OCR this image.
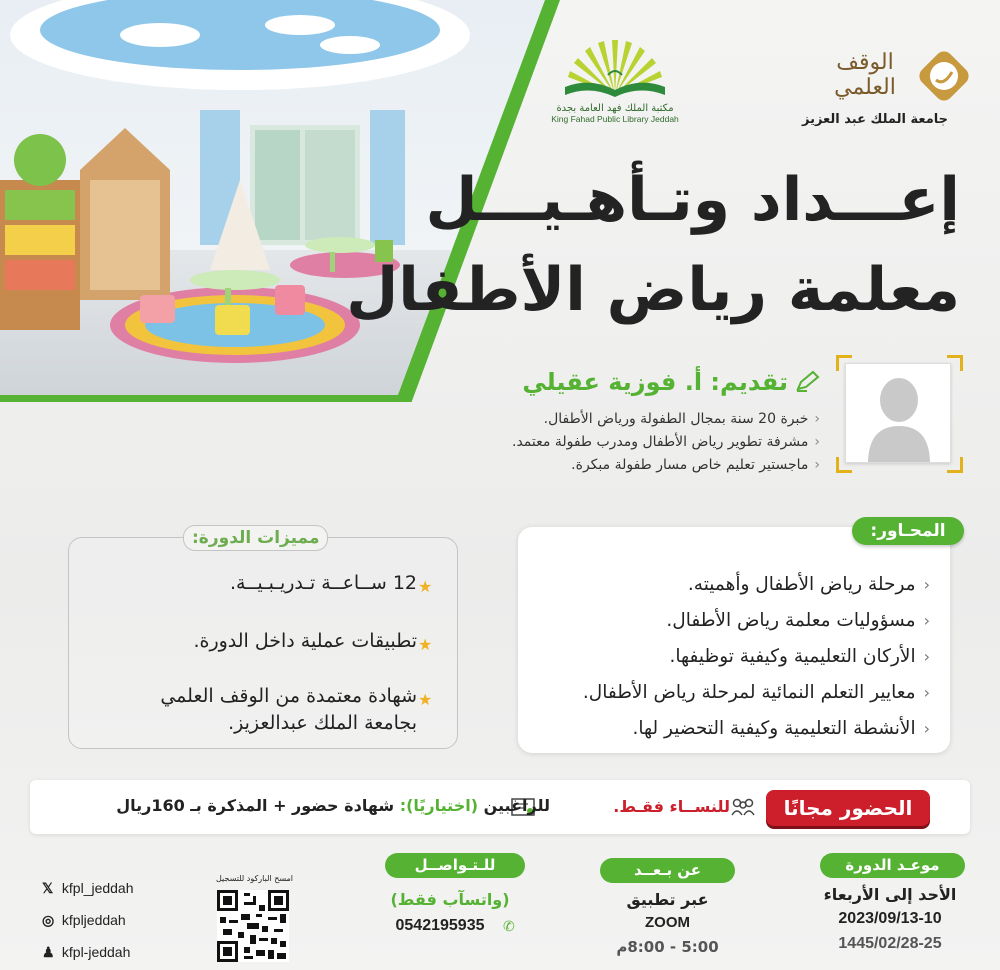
مكتبة الملك فهد العامة بجدة
King Fahad Public Library Jeddah
الوقف العلمي
جامعة الملك عبد العزيز
إعـــداد وتـأهـيـــل
معلمة رياض الأطفال
تقديم: أ. فوزية عقيلي
‹ خبرة 20 سنة بمجال الطفولة ورياض الأطفال.
‹ مشرفة تطوير رياض الأطفال ومدرب طفولة معتمد.
‹ ماجستير تعليم خاص مسار طفولة مبكرة.
مميزات الدورة:
12 ســاعــة تـدريـبـيــة. ★
تطبيقات عملية داخل الدورة. ★
شهادة معتمدة من الوقف العلمي ★
بجامعة الملك عبدالعزيز.
‹ مرحلة رياض الأطفال وأهميته.
‹ مسؤوليات معلمة رياض الأطفال.
‹ الأركان التعليمية وكيفية توظيفها.
‹ معايير التعلم النمائية لمرحلة رياض الأطفال.
‹ الأنشطة التعليمية وكيفية التحضير لها.
المحـاور:
الحضور مجانًا
للنســاء فقـط.
للراغبين (اختياريًا): شهادة حضور + المذكرة بـ 160ريال
موعـد الدورة
الأحد إلى الأربعاء
2023/09/13-10
1445/02/28-25
عن بـعــد
عبر تطبيق
ZOOM
5:00 - 8:00م
للـتـواصــل
(واتسآب فقط)
0542195935	✆
امسح الباركود للتسجيل
𝕏 kfpl_jeddah
◎ kfpljeddah
♟ kfpl-jeddah
